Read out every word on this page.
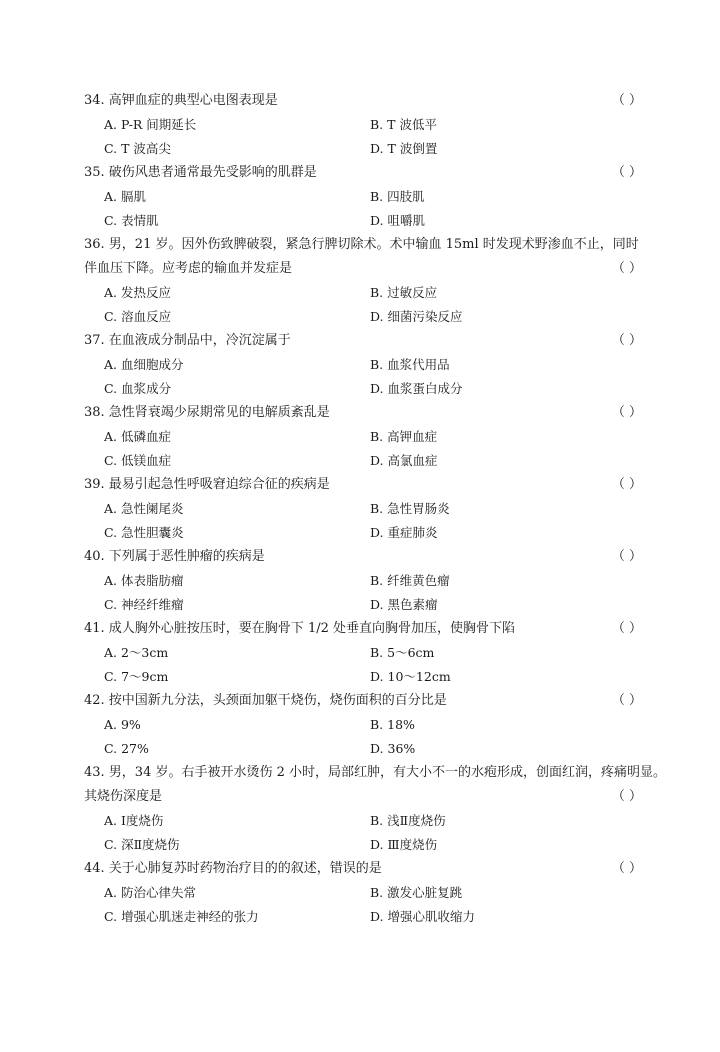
34. 高钾血症的典型心电图表现是	（ ）
A. P-R 间期延长	B. T 波低平
C. T 波高尖	D. T 波倒置
35. 破伤风患者通常最先受影响的肌群是	（ ）
A. 膈肌	B. 四肢肌
C. 表情肌	D. 咀嚼肌
36. 男，21 岁。因外伤致脾破裂，紧急行脾切除术。术中输血 15ml 时发现术野渗血不止，同时
伴血压下降。应考虑的输血并发症是	（ ）
A. 发热反应	B. 过敏反应
C. 溶血反应	D. 细菌污染反应
37. 在血液成分制品中，冷沉淀属于	（ ）
A. 血细胞成分	B. 血浆代用品
C. 血浆成分	D. 血浆蛋白成分
38. 急性肾衰竭少尿期常见的电解质紊乱是	（ ）
A. 低磷血症	B. 高钾血症
C. 低镁血症	D. 高氯血症
39. 最易引起急性呼吸窘迫综合征的疾病是	（ ）
A. 急性阑尾炎	B. 急性胃肠炎
C. 急性胆囊炎	D. 重症肺炎
40. 下列属于恶性肿瘤的疾病是	（ ）
A. 体表脂肪瘤	B. 纤维黄色瘤
C. 神经纤维瘤	D. 黑色素瘤
41. 成人胸外心脏按压时，要在胸骨下 1/2 处垂直向胸骨加压，使胸骨下陷	（ ）
A. 2～3cm	B. 5～6cm
C. 7～9cm	D. 10～12cm
42. 按中国新九分法，头颈面加躯干烧伤，烧伤面积的百分比是	（ ）
A. 9%	B. 18%
C. 27%	D. 36%
43. 男，34 岁。右手被开水烫伤 2 小时，局部红肿，有大小不一的水疱形成，创面红润，疼痛明显。
其烧伤深度是	（ ）
A. Ⅰ度烧伤	B. 浅Ⅱ度烧伤
C. 深Ⅱ度烧伤	D. Ⅲ度烧伤
44. 关于心肺复苏时药物治疗目的的叙述，错误的是	（ ）
A. 防治心律失常	B. 激发心脏复跳
C. 增强心肌迷走神经的张力	D. 增强心肌收缩力
